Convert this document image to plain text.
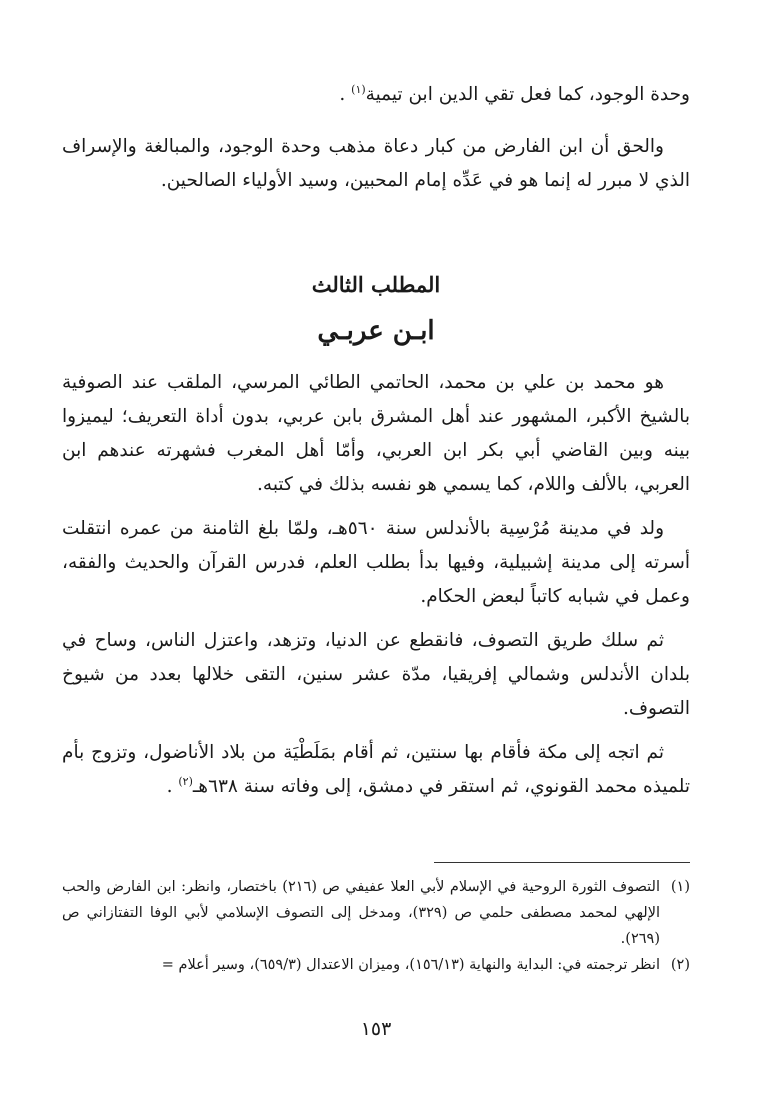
وحدة الوجود، كما فعل تقي الدين ابن تيمية$^{(١)}$ .

والحق أن ابن الفارض من كبار دعاة مذهب وحدة الوجود، والمبالغة والإسراف الذي لا مبرر له إنما هو في عَدِّه إمام المحبين، وسيد الأولياء الصالحين.

المطلب الثالث
ابـن عربـي

هو محمد بن علي بن محمد، الحاتمي الطائي المرسي، الملقب عند الصوفية بالشيخ الأكبر، المشهور عند أهل المشرق بابن عربي، بدون أداة التعريف؛ ليميزوا بينه وبين القاضي أبي بكر ابن العربي، وأمّا أهل المغرب فشهرته عندهم ابن العربي، بالألف واللام، كما يسمي هو نفسه بذلك في كتبه.

ولد في مدينة مُرْسِية بالأندلس سنة ٥٦٠هـ، ولمّا بلغ الثامنة من عمره انتقلت أسرته إلى مدينة إشبيلية، وفيها بدأ بطلب العلم، فدرس القرآن والحديث والفقه، وعمل في شبابه كاتباً لبعض الحكام.

ثم سلك طريق التصوف، فانقطع عن الدنيا، وتزهد، واعتزل الناس، وساح في بلدان الأندلس وشمالي إفريقيا، مدّة عشر سنين، التقى خلالها بعدد من شيوخ التصوف.

ثم اتجه إلى مكة فأقام بها سنتين، ثم أقام بمَلَطْيَة من بلاد الأناضول، وتزوج بأم تلميذه محمد القونوي، ثم استقر في دمشق، إلى وفاته سنة ٦٣٨هـ$^{(٢)}$ .

(١)
التصوف الثورة الروحية في الإسلام لأبي العلا عفيفي ص (٢١٦) باختصار، وانظر: ابن الفارض والحب الإلهي لمحمد مصطفى حلمي ص (٣٢٩)، ومدخل إلى التصوف الإسلامي لأبي الوفا التفتازاني ص (٢٦٩).

(٢)
انظر ترجمته في: البداية والنهاية (١٥٦/١٣)، وميزان الاعتدال (٦٥٩/٣)، وسير أعلام =

١٥٣
